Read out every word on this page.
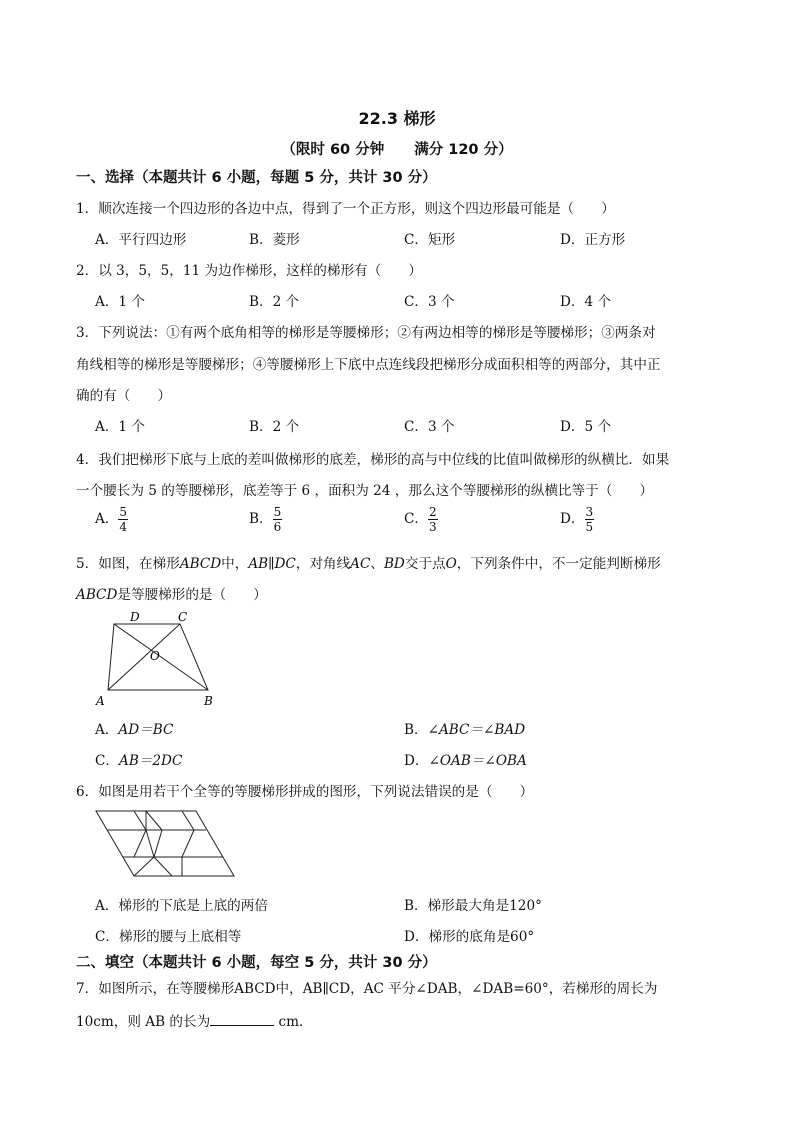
22.3 梯形
（限时 60 分钟 满分 120 分）
一、选择（本题共计 6 小题，每题 5 分，共计 30 分）
1．顺次连接一个四边形的各边中点，得到了一个正方形，则这个四边形最可能是（　　）
A．平行四边形	B．菱形	C．矩形	D．正方形
2．以 3，5，5，11 为边作梯形，这样的梯形有（　　）
A．1 个	B．2 个	C．3 个	D．4 个
3．下列说法：①有两个底角相等的梯形是等腰梯形；②有两边相等的梯形是等腰梯形；③两条对
角线相等的梯形是等腰梯形；④等腰梯形上下底中点连线段把梯形分成面积相等的两部分，其中正
确的有（　　）
A．1 个	B．2 个	C．3 个	D．5 个
4．我们把梯形下底与上底的差叫做梯形的底差，梯形的高与中位线的比值叫做梯形的纵横比．如果
一个腰长为 5 的等腰梯形，底差等于 6 ，面积为 24 ，那么这个等腰梯形的纵横比等于（　　）
A． $\frac{5}{4}$	B． $\frac{5}{6}$	C． $\frac{2}{3}$	D． $\frac{3}{5}$
5．如图，在梯形ABCD中，AB∥DC，对角线AC、BD交于点O，下列条件中，不一定能判断梯形
ABCD是等腰梯形的是（　　）
D	C
O
A	B
A．AD＝BC	B．∠ABC＝∠BAD
C．AB＝2DC	D．∠OAB＝∠OBA
6．如图是用若干个全等的等腰梯形拼成的图形，下列说法错误的是（　　）
A．梯形的下底是上底的两倍	B．梯形最大角是120°
C．梯形的腰与上底相等	D．梯形的底角是60°
二、填空（本题共计 6 小题，每空 5 分，共计 30 分）
7．如图所示，在等腰梯形ABCD中，AB∥CD，AC 平分∠DAB，∠DAB=60°，若梯形的周长为
10cm，则 AB 的长为	cm．
